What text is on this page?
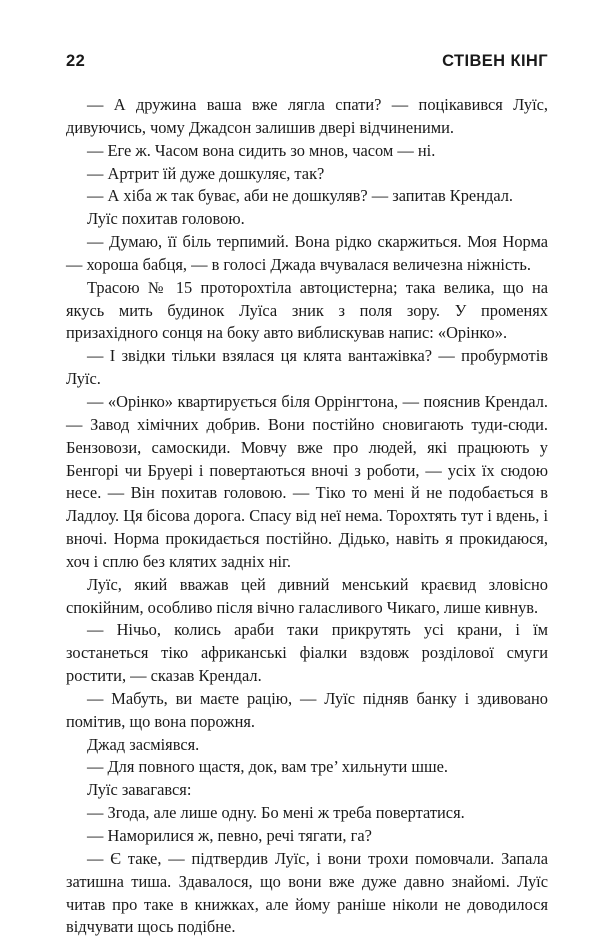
22	СТІВЕН КІНГ

— А дружина ваша вже лягла спати? — поцікавився Луїс, дивуючись, чому Джадсон залишив двері відчиненими.

— Еге ж. Часом вона сидить зо мнов, часом — ні.

— Артрит їй дуже дошкуляє, так?

— А хіба ж так буває, аби не дошкуляв? — запитав Крендал.

Луїс похитав головою.

— Думаю, її біль терпимий. Вона рідко скаржиться. Моя Норма — хороша бабця, — в голосі Джада вчувалася величезна ніжність.

Трасою № 15 проторохтіла автоцистерна; така велика, що на якусь мить будинок Луїса зник з поля зору. У променях призахідного сонця на боку авто виблискував напис: «Орінко».

— І звідки тільки взялася ця клята вантажівка? — пробурмотів Луїс.

— «Орінко» квартирується біля Оррінгтона, — пояснив Крендал. — Завод хімічних добрив. Вони постійно сновигають туди-сюди. Бензовози, самоскиди. Мовчу вже про людей, які працюють у Бенгорі чи Бруері і повертаються вночі з роботи, — усіх їх сюдою несе. — Він похитав головою. — Тіко то мені й не подобається в Ладлоу. Ця бісова дорога. Спасу від неї нема. Торохтять тут і вдень, і вночі. Норма прокидається постійно. Дідько, навіть я прокидаюся, хоч і сплю без клятих задніх ніг.

Луїс, який вважав цей дивний менський краєвид зловісно спокійним, особливо після вічно галасливого Чикаго, лише кивнув.

— Нічьо, колись араби таки прикрутять усі крани, і їм зостанеться тіко африканські фіалки вздовж розділової смуги ростити, — сказав Крендал.

— Мабуть, ви маєте рацію, — Луїс підняв банку і здивовано помітив, що вона порожня.

Джад засміявся.

— Для повного щастя, док, вам тре’ хильнути шше.

Луїс завагався:

— Згода, але лише одну. Бо мені ж треба повертатися.

— Наморилися ж, певно, речі тягати, га?

— Є таке, — підтвердив Луїс, і вони трохи помовчали. Запала затишна тиша. Здавалося, що вони вже дуже давно знайомі. Луїс читав про таке в книжках, але йому раніше ніколи не доводилося відчувати щось подібне.
